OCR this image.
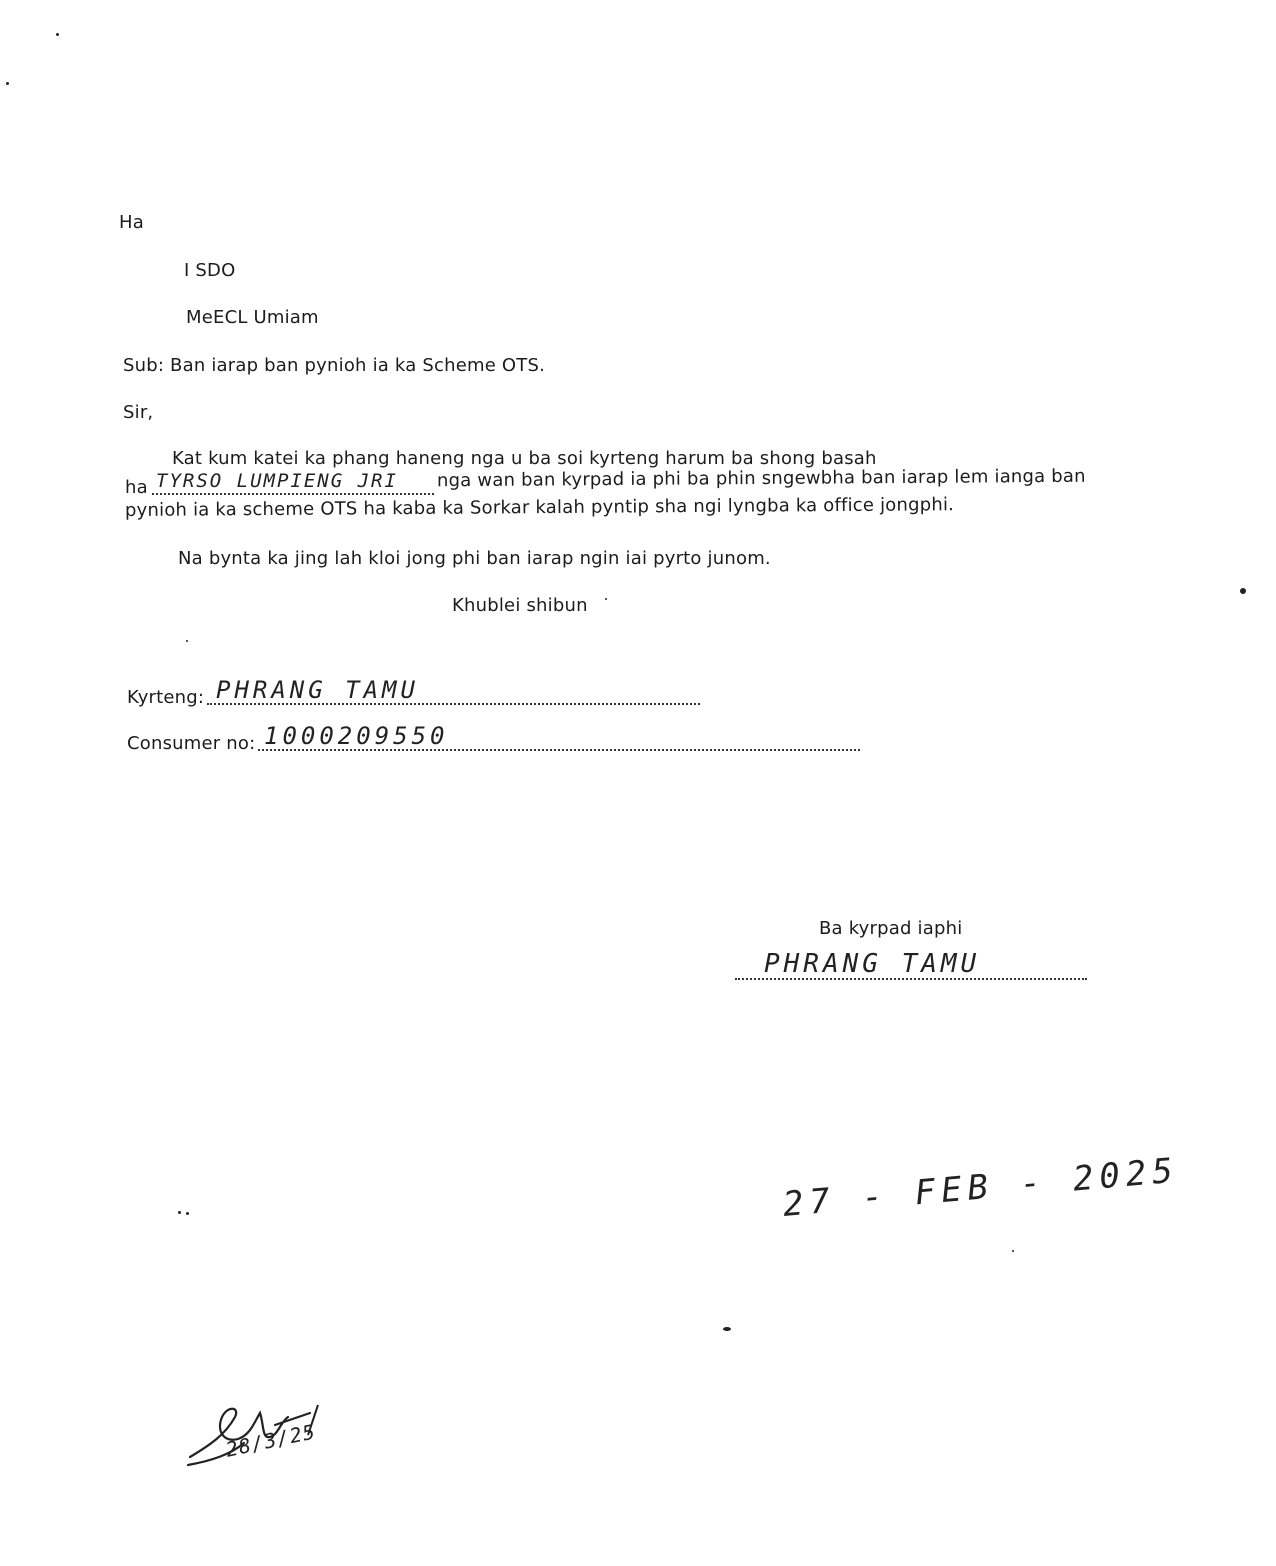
Ha
I SDO
MeECL Umiam
Sub: Ban iarap ban pynioh ia ka Scheme OTS.
Sir,
Kat kum katei ka phang haneng nga u ba soi kyrteng harum ba shong basah
ha TYRSO LUMPIENG JRI nga wan ban kyrpad ia phi ba phin sngewbha ban iarap lem ianga ban
pynioh ia ka scheme OTS ha kaba ka Sorkar kalah pyntip sha ngi lyngba ka office jongphi.
Na bynta ka jing lah kloi jong phi ban iarap ngin iai pyrto junom.
Khublei shibun
Kyrteng: PHRANG TAMU
Consumer no: 1000209550
Ba kyrpad iaphi
PHRANG TAMU
27 - FEB - 2025
28/3/25
